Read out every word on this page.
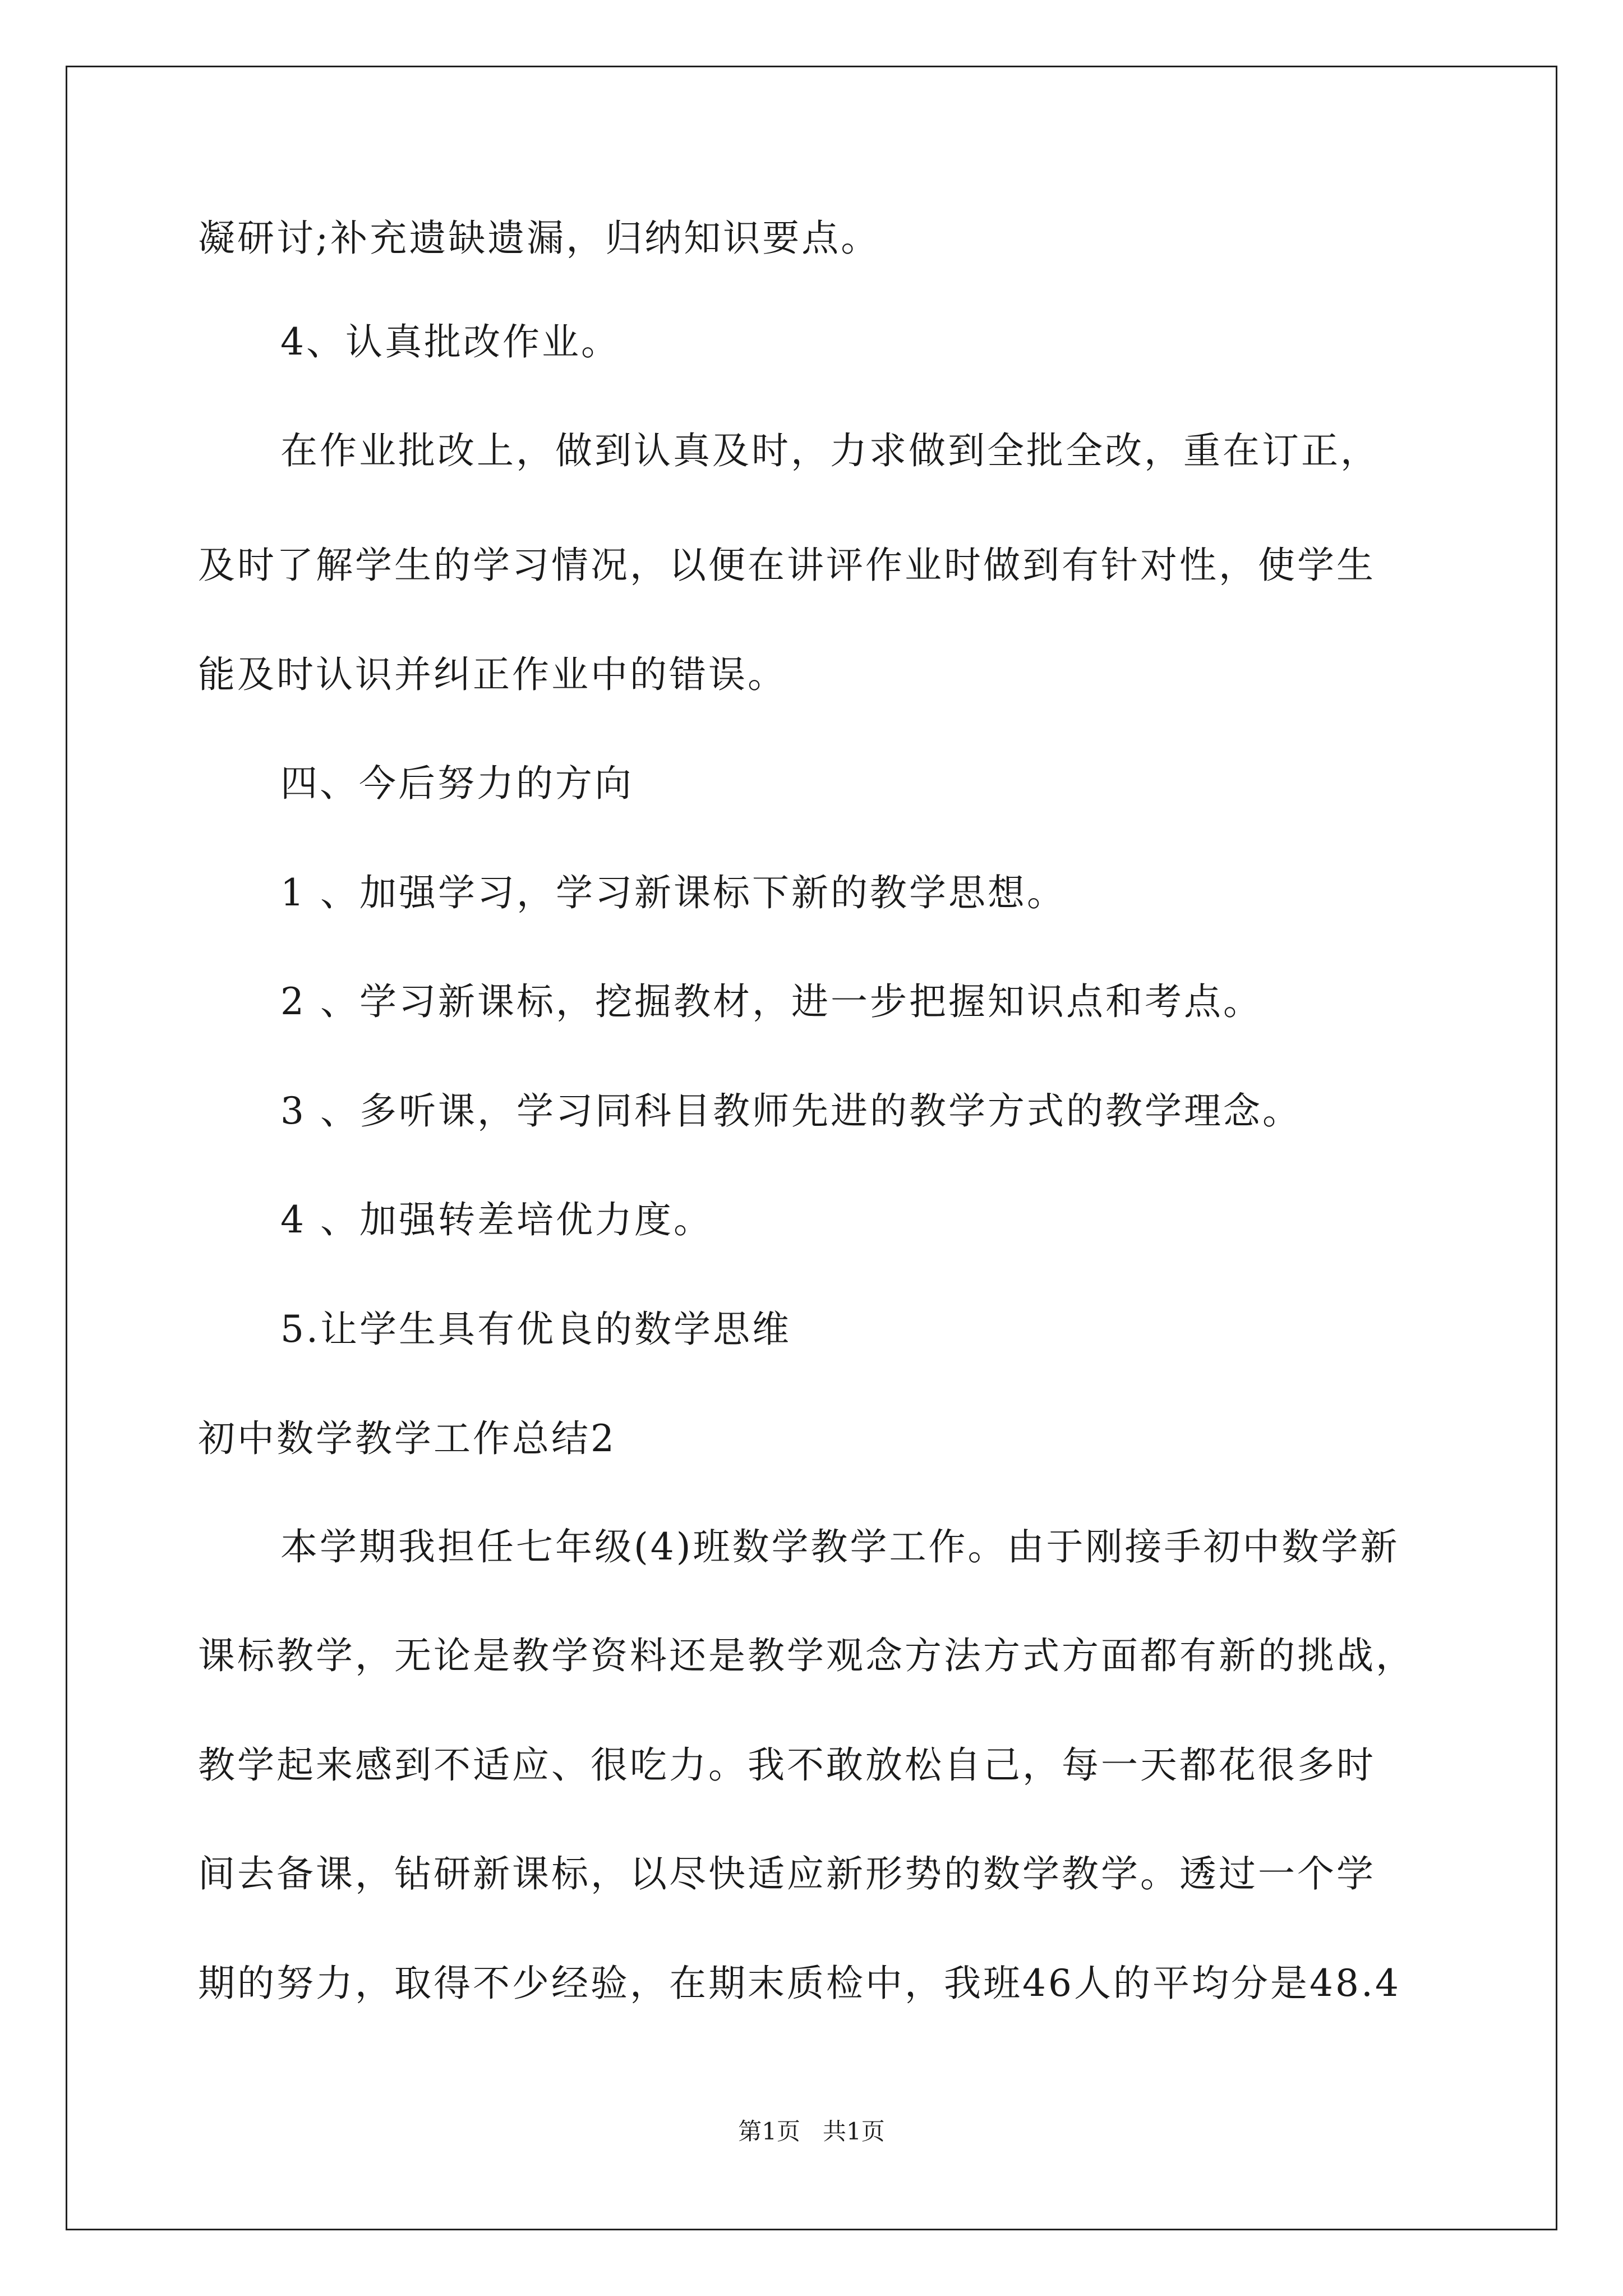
凝研讨;补充遗缺遗漏，归纳知识要点。
4、认真批改作业。
在作业批改上，做到认真及时，力求做到全批全改，重在订正，
及时了解学生的学习情况，以便在讲评作业时做到有针对性，使学生
能及时认识并纠正作业中的错误。
四、今后努力的方向
1 、加强学习，学习新课标下新的教学思想。
2 、学习新课标，挖掘教材，进一步把握知识点和考点。
3 、多听课，学习同科目教师先进的教学方式的教学理念。
4 、加强转差培优力度。
5.让学生具有优良的数学思维
初中数学教学工作总结2
本学期我担任七年级(4)班数学教学工作。由于刚接手初中数学新
课标教学，无论是教学资料还是教学观念方法方式方面都有新的挑战，
教学起来感到不适应、很吃力。我不敢放松自己，每一天都花很多时
间去备课，钻研新课标，以尽快适应新形势的数学教学。透过一个学
期的努力，取得不少经验，在期末质检中，我班46人的平均分是48.4
第1页   共1页
